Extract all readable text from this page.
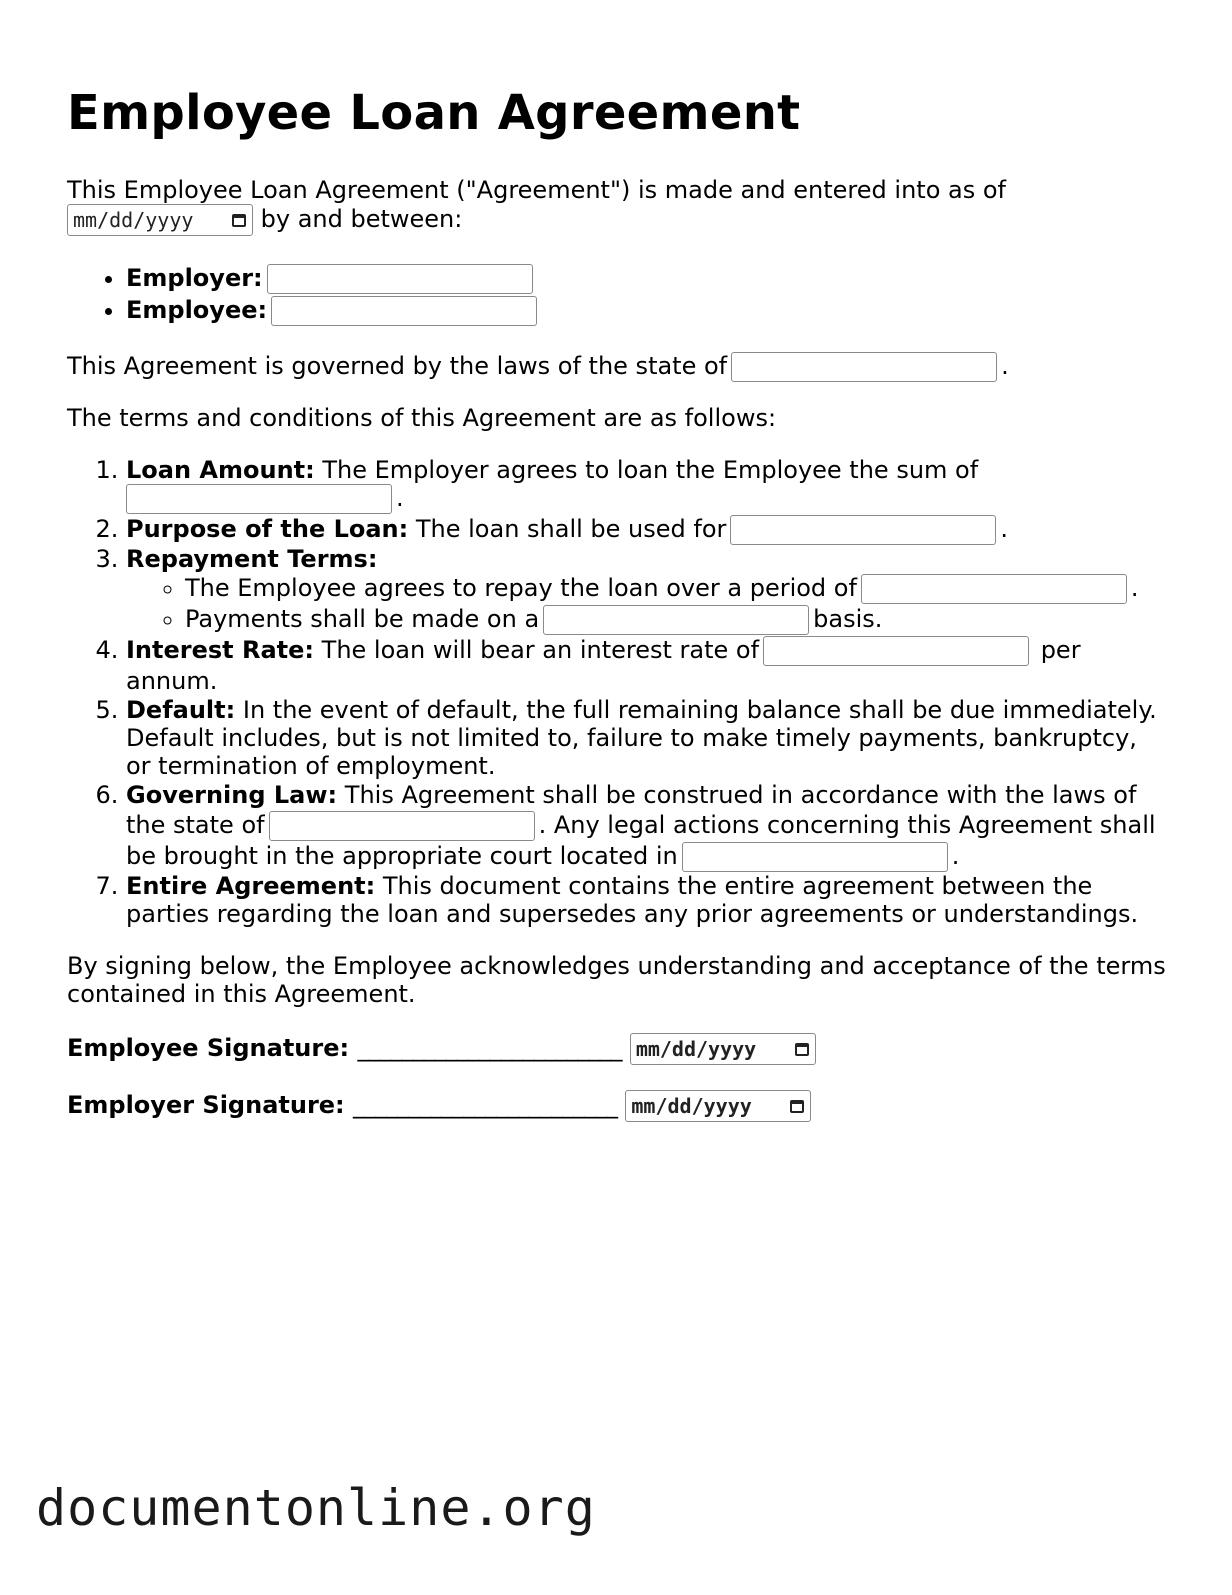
Employee Loan Agreement

This Employee Loan Agreement ("Agreement") is made and entered into as of

mm/dd/yyyy	by and between:

• Employer:
• Employee:

This Agreement is governed by the laws of the state of	.

The terms and conditions of this Agreement are as follows:

1. Loan Amount: The Employer agrees to loan the Employee the sum of
.
2. Purpose of the Loan: The loan shall be used for	.
3. Repayment Terms:
◦ The Employee agrees to repay the loan over a period of	.
◦ Payments shall be made on a	basis.
4. Interest Rate: The loan will bear an interest rate of	per annum.
5. Default: In the event of default, the full remaining balance shall be due immediately. Default includes, but is not limited to, failure to make timely payments, bankruptcy, or termination of employment.
6. Governing Law: This Agreement shall be construed in accordance with the laws of the state of	. Any legal actions concerning this Agreement shall be brought in the appropriate court located in	.
7. Entire Agreement: This document contains the entire agreement between the parties regarding the loan and supersedes any prior agreements or understandings.

By signing below, the Employee acknowledges understanding and acceptance of the terms contained in this Agreement.

Employee Signature: ________________________ mm/dd/yyyy

Employer Signature: ________________________ mm/dd/yyyy

documentonline.org
